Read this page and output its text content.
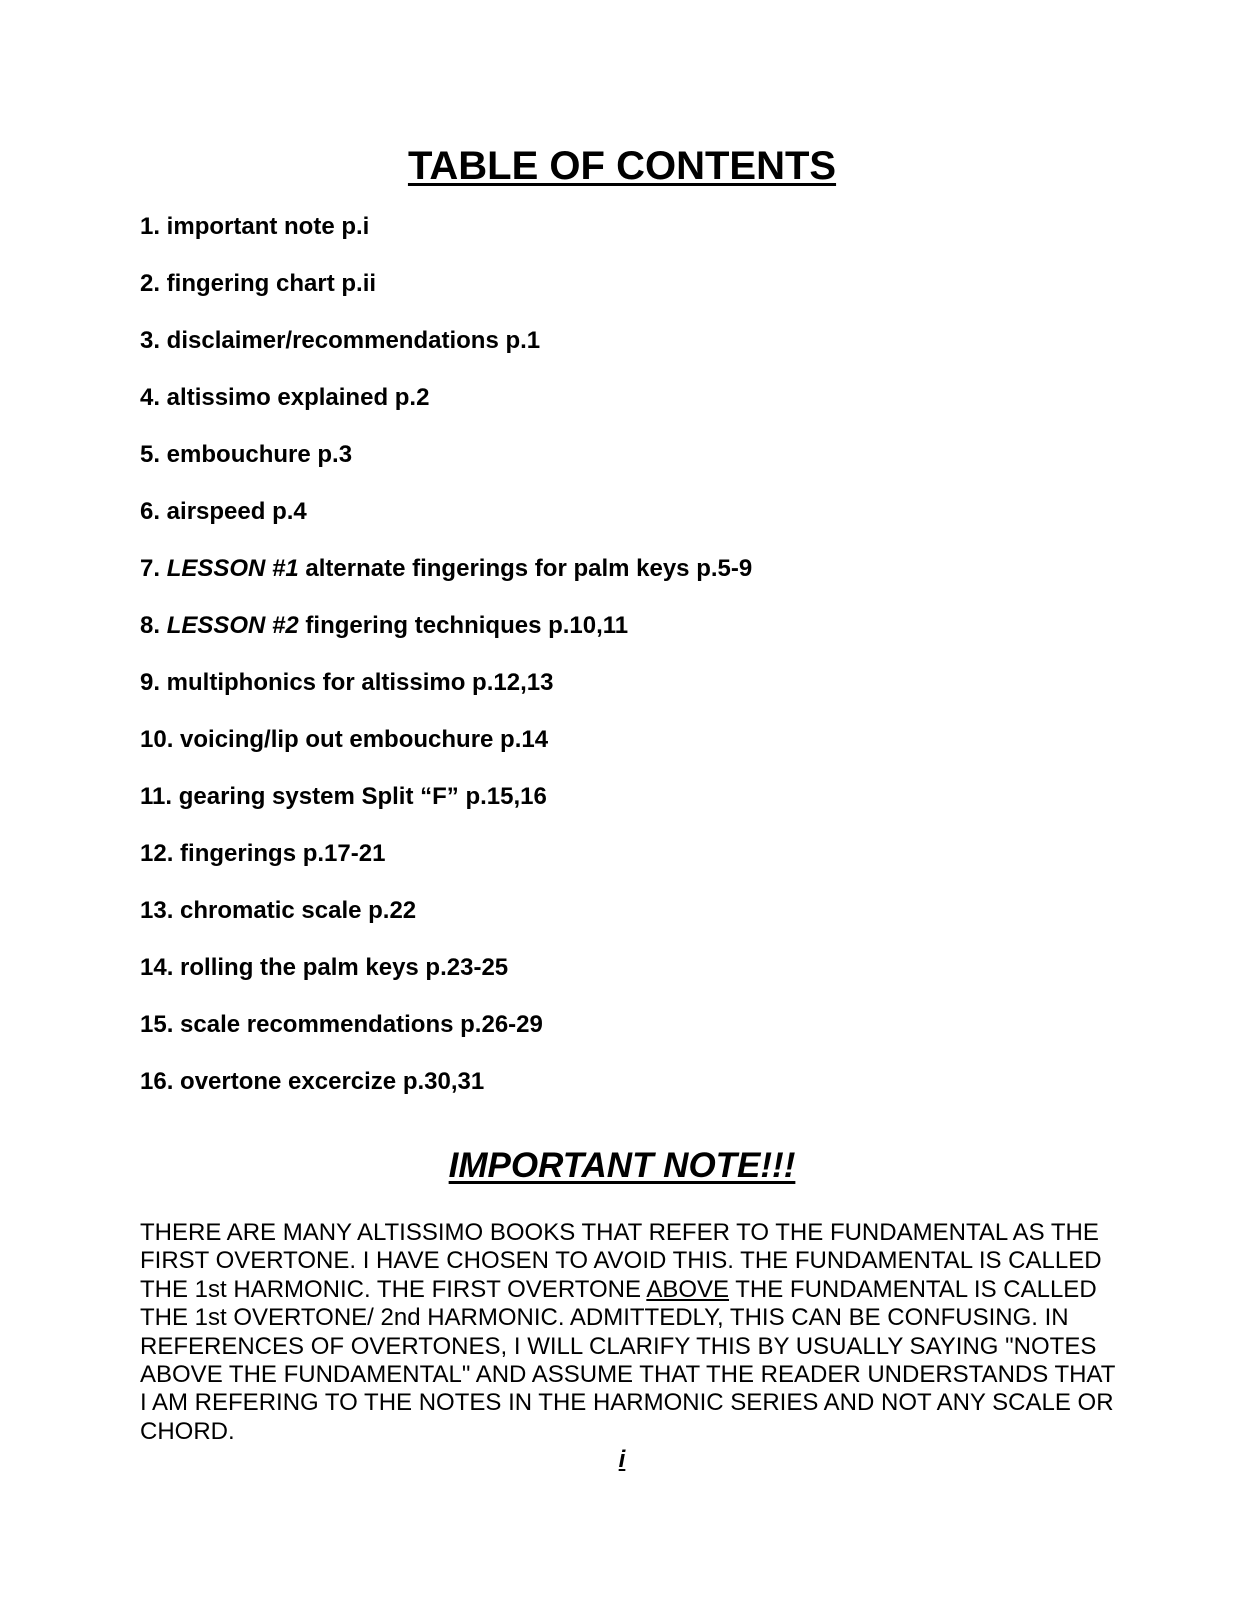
TABLE OF CONTENTS
1. important note p.i
2. fingering chart p.ii
3. disclaimer/recommendations p.1
4. altissimo explained p.2
5. embouchure p.3
6. airspeed p.4
7. LESSON #1 alternate fingerings for palm keys p.5-9
8. LESSON #2 fingering techniques p.10,11
9. multiphonics for altissimo p.12,13
10. voicing/lip out embouchure p.14
11. gearing system Split “F” p.15,16
12. fingerings p.17-21
13. chromatic scale p.22
14. rolling the palm keys p.23-25
15. scale recommendations p.26-29
16. overtone excercize p.30,31
IMPORTANT NOTE!!!

THERE ARE MANY ALTISSIMO BOOKS THAT REFER TO THE FUNDAMENTAL AS THE FIRST OVERTONE. I HAVE CHOSEN TO AVOID THIS. THE FUNDAMENTAL IS CALLED THE 1st HARMONIC. THE FIRST OVERTONE ABOVE THE FUNDAMENTAL IS CALLED THE 1st OVERTONE/ 2nd HARMONIC. ADMITTEDLY, THIS CAN BE CONFUSING. IN REFERENCES OF OVERTONES, I WILL CLARIFY THIS BY USUALLY SAYING "NOTES ABOVE THE FUNDAMENTAL" AND ASSUME THAT THE READER UNDERSTANDS THAT I AM REFERING TO THE NOTES IN THE HARMONIC SERIES AND NOT ANY SCALE OR CHORD.

i
